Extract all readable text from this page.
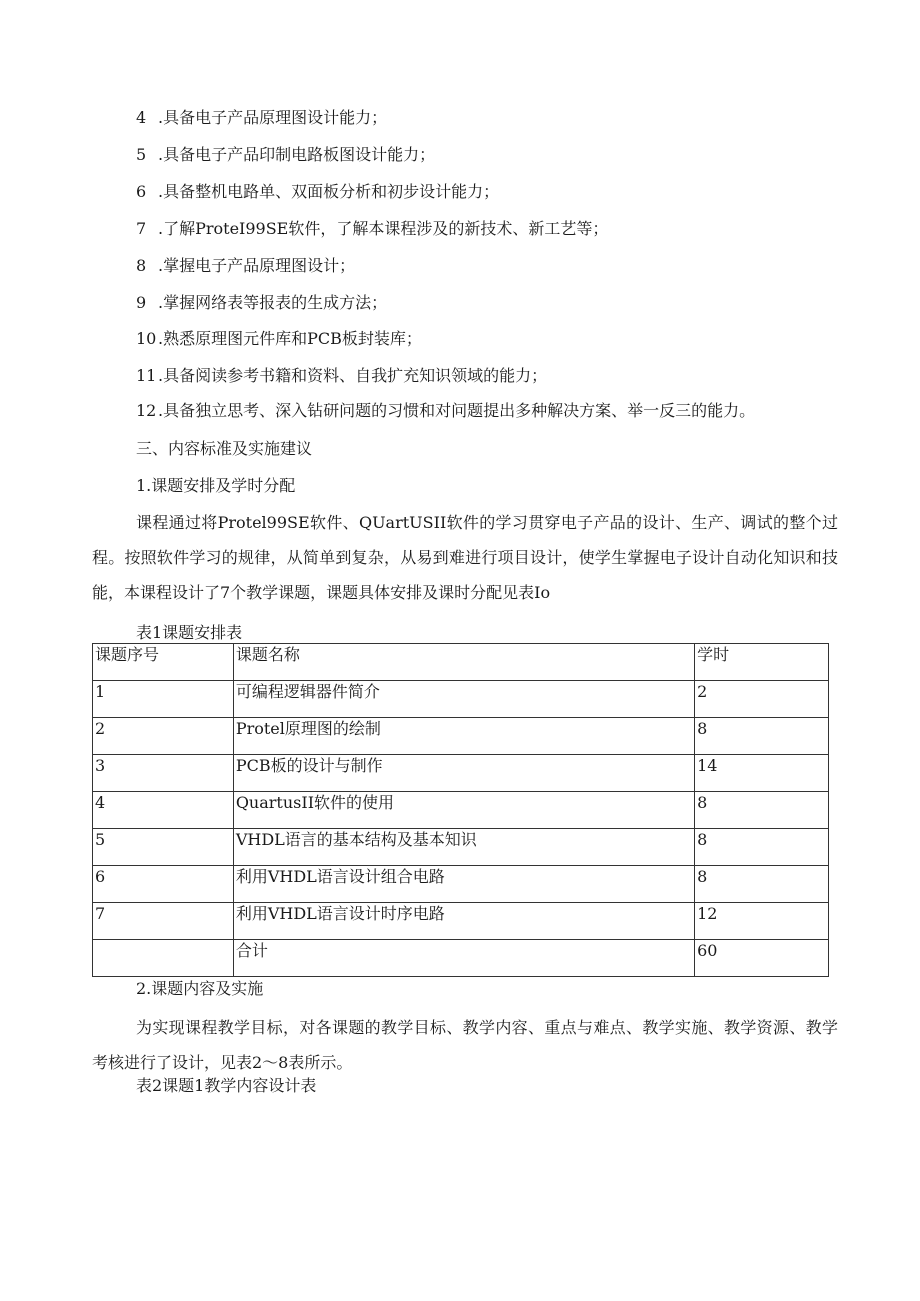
4 .具备电子产品原理图设计能力；
5 .具备电子产品印制电路板图设计能力；
6 .具备整机电路单、双面板分析和初步设计能力；
7 .了解ProteI99SE软件，了解本课程涉及的新技术、新工艺等；
8 .掌握电子产品原理图设计；
9 .掌握网络表等报表的生成方法；
10 .熟悉原理图元件库和PCB板封装库；
11 .具备阅读参考书籍和资料、自我扩充知识领域的能力；
12 .具备独立思考、深入钻研问题的习惯和对问题提出多种解决方案、举一反三的能力。
三、内容标准及实施建议
1.课题安排及学时分配
课程通过将Protel99SE软件、QUartUSII软件的学习贯穿电子产品的设计、生产、调试的整个过程。按照软件学习的规律，从简单到复杂，从易到难进行项目设计，使学生掌握电子设计自动化知识和技能，本课程设计了7个教学课题，课题具体安排及课时分配见表Io
表1课题安排表
课题序号	课题名称	学时
1	可编程逻辑器件简介	2
2	Protel原理图的绘制	8
3	PCB板的设计与制作	14
4	QuartusII软件的使用	8
5	VHDL语言的基本结构及基本知识	8
6	利用VHDL语言设计组合电路	8
7	利用VHDL语言设计时序电路	12
	合计	60
2.课题内容及实施
为实现课程教学目标，对各课题的教学目标、教学内容、重点与难点、教学实施、教学资源、教学考核进行了设计，见表2～8表所示。
表2课题1教学内容设计表
